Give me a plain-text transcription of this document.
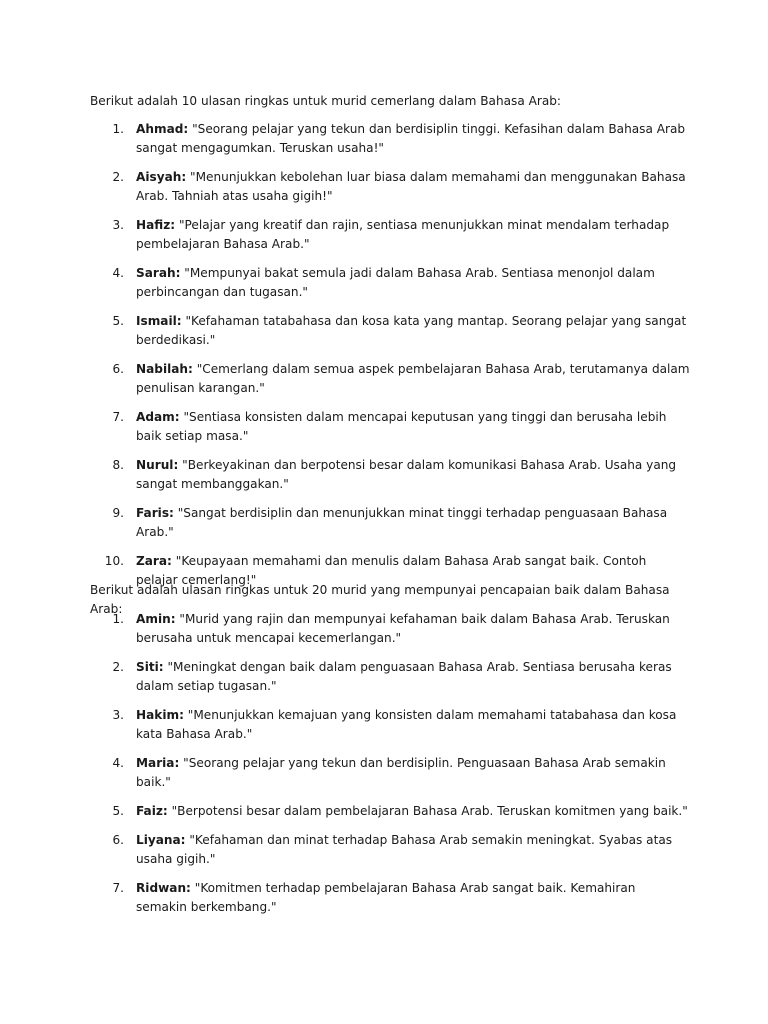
Berikut adalah 10 ulasan ringkas untuk murid cemerlang dalam Bahasa Arab:

1. Ahmad: "Seorang pelajar yang tekun dan berdisiplin tinggi. Kefasihan dalam Bahasa Arab sangat mengagumkan. Teruskan usaha!"
2. Aisyah: "Menunjukkan kebolehan luar biasa dalam memahami dan menggunakan Bahasa Arab. Tahniah atas usaha gigih!"
3. Hafiz: "Pelajar yang kreatif dan rajin, sentiasa menunjukkan minat mendalam terhadap pembelajaran Bahasa Arab."
4. Sarah: "Mempunyai bakat semula jadi dalam Bahasa Arab. Sentiasa menonjol dalam perbincangan dan tugasan."
5. Ismail: "Kefahaman tatabahasa dan kosa kata yang mantap. Seorang pelajar yang sangat berdedikasi."
6. Nabilah: "Cemerlang dalam semua aspek pembelajaran Bahasa Arab, terutamanya dalam penulisan karangan."
7. Adam: "Sentiasa konsisten dalam mencapai keputusan yang tinggi dan berusaha lebih baik setiap masa."
8. Nurul: "Berkeyakinan dan berpotensi besar dalam komunikasi Bahasa Arab. Usaha yang sangat membanggakan."
9. Faris: "Sangat berdisiplin dan menunjukkan minat tinggi terhadap penguasaan Bahasa Arab."
10. Zara: "Keupayaan memahami dan menulis dalam Bahasa Arab sangat baik. Contoh pelajar cemerlang!"

Berikut adalah ulasan ringkas untuk 20 murid yang mempunyai pencapaian baik dalam Bahasa Arab:

1. Amin: "Murid yang rajin dan mempunyai kefahaman baik dalam Bahasa Arab. Teruskan berusaha untuk mencapai kecemerlangan."
2. Siti: "Meningkat dengan baik dalam penguasaan Bahasa Arab. Sentiasa berusaha keras dalam setiap tugasan."
3. Hakim: "Menunjukkan kemajuan yang konsisten dalam memahami tatabahasa dan kosa kata Bahasa Arab."
4. Maria: "Seorang pelajar yang tekun dan berdisiplin. Penguasaan Bahasa Arab semakin baik."
5. Faiz: "Berpotensi besar dalam pembelajaran Bahasa Arab. Teruskan komitmen yang baik."
6. Liyana: "Kefahaman dan minat terhadap Bahasa Arab semakin meningkat. Syabas atas usaha gigih."
7. Ridwan: "Komitmen terhadap pembelajaran Bahasa Arab sangat baik. Kemahiran semakin berkembang."
